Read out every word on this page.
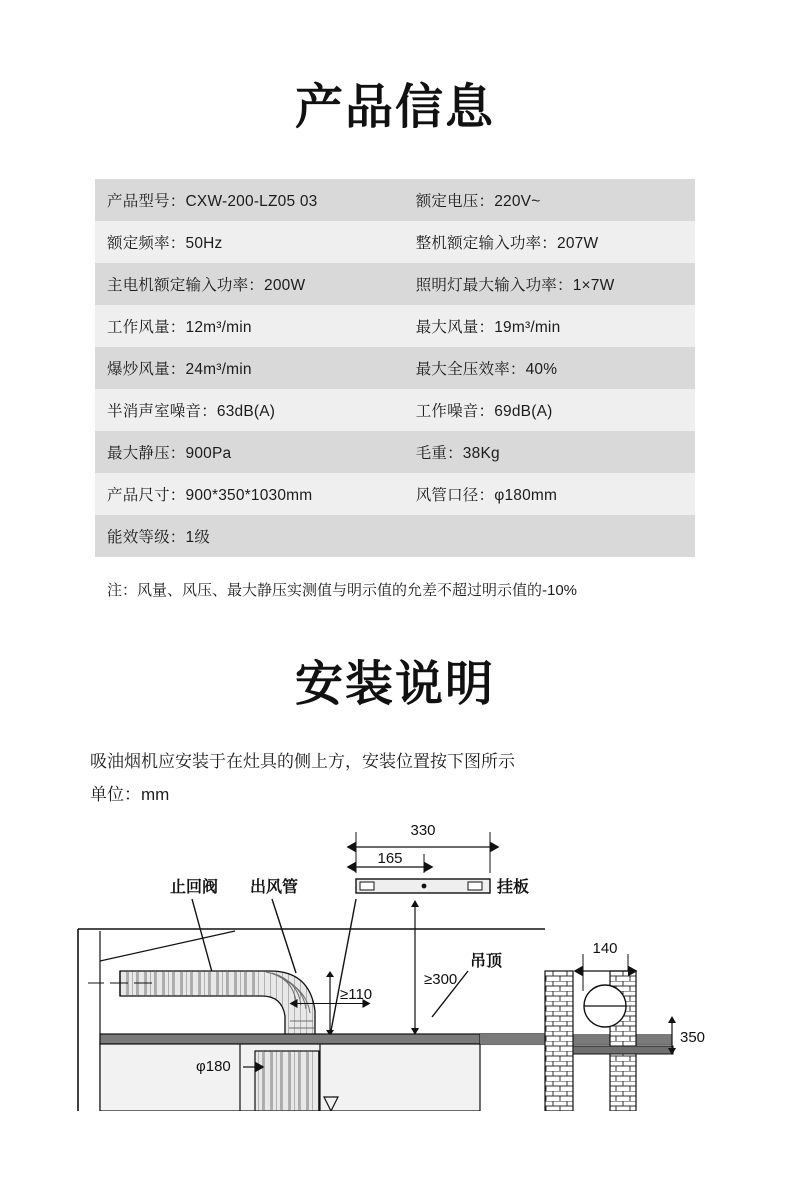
产品信息
产品型号：CXW-200-LZ05 03	额定电压：220V~
额定频率：50Hz	整机额定输入功率：207W
主电机额定输入功率：200W	照明灯最大输入功率：1×7W
工作风量：12m³/min	最大风量：19m³/min
爆炒风量：24m³/min	最大全压效率：40%
半消声室噪音：63dB(A)	工作噪音：69dB(A)
最大静压：900Pa	毛重：38Kg
产品尺寸：900*350*1030mm	风管口径：φ180mm
能效等级：1级	
注：风量、风压、最大静压实测值与明示值的允差不超过明示值的-10%
安装说明
吸油烟机应安装于在灶具的侧上方，安装位置按下图所示
单位：mm
330
165
挂板
止回阀 出风管
吊顶
≥110
≥300
φ180
140
350
